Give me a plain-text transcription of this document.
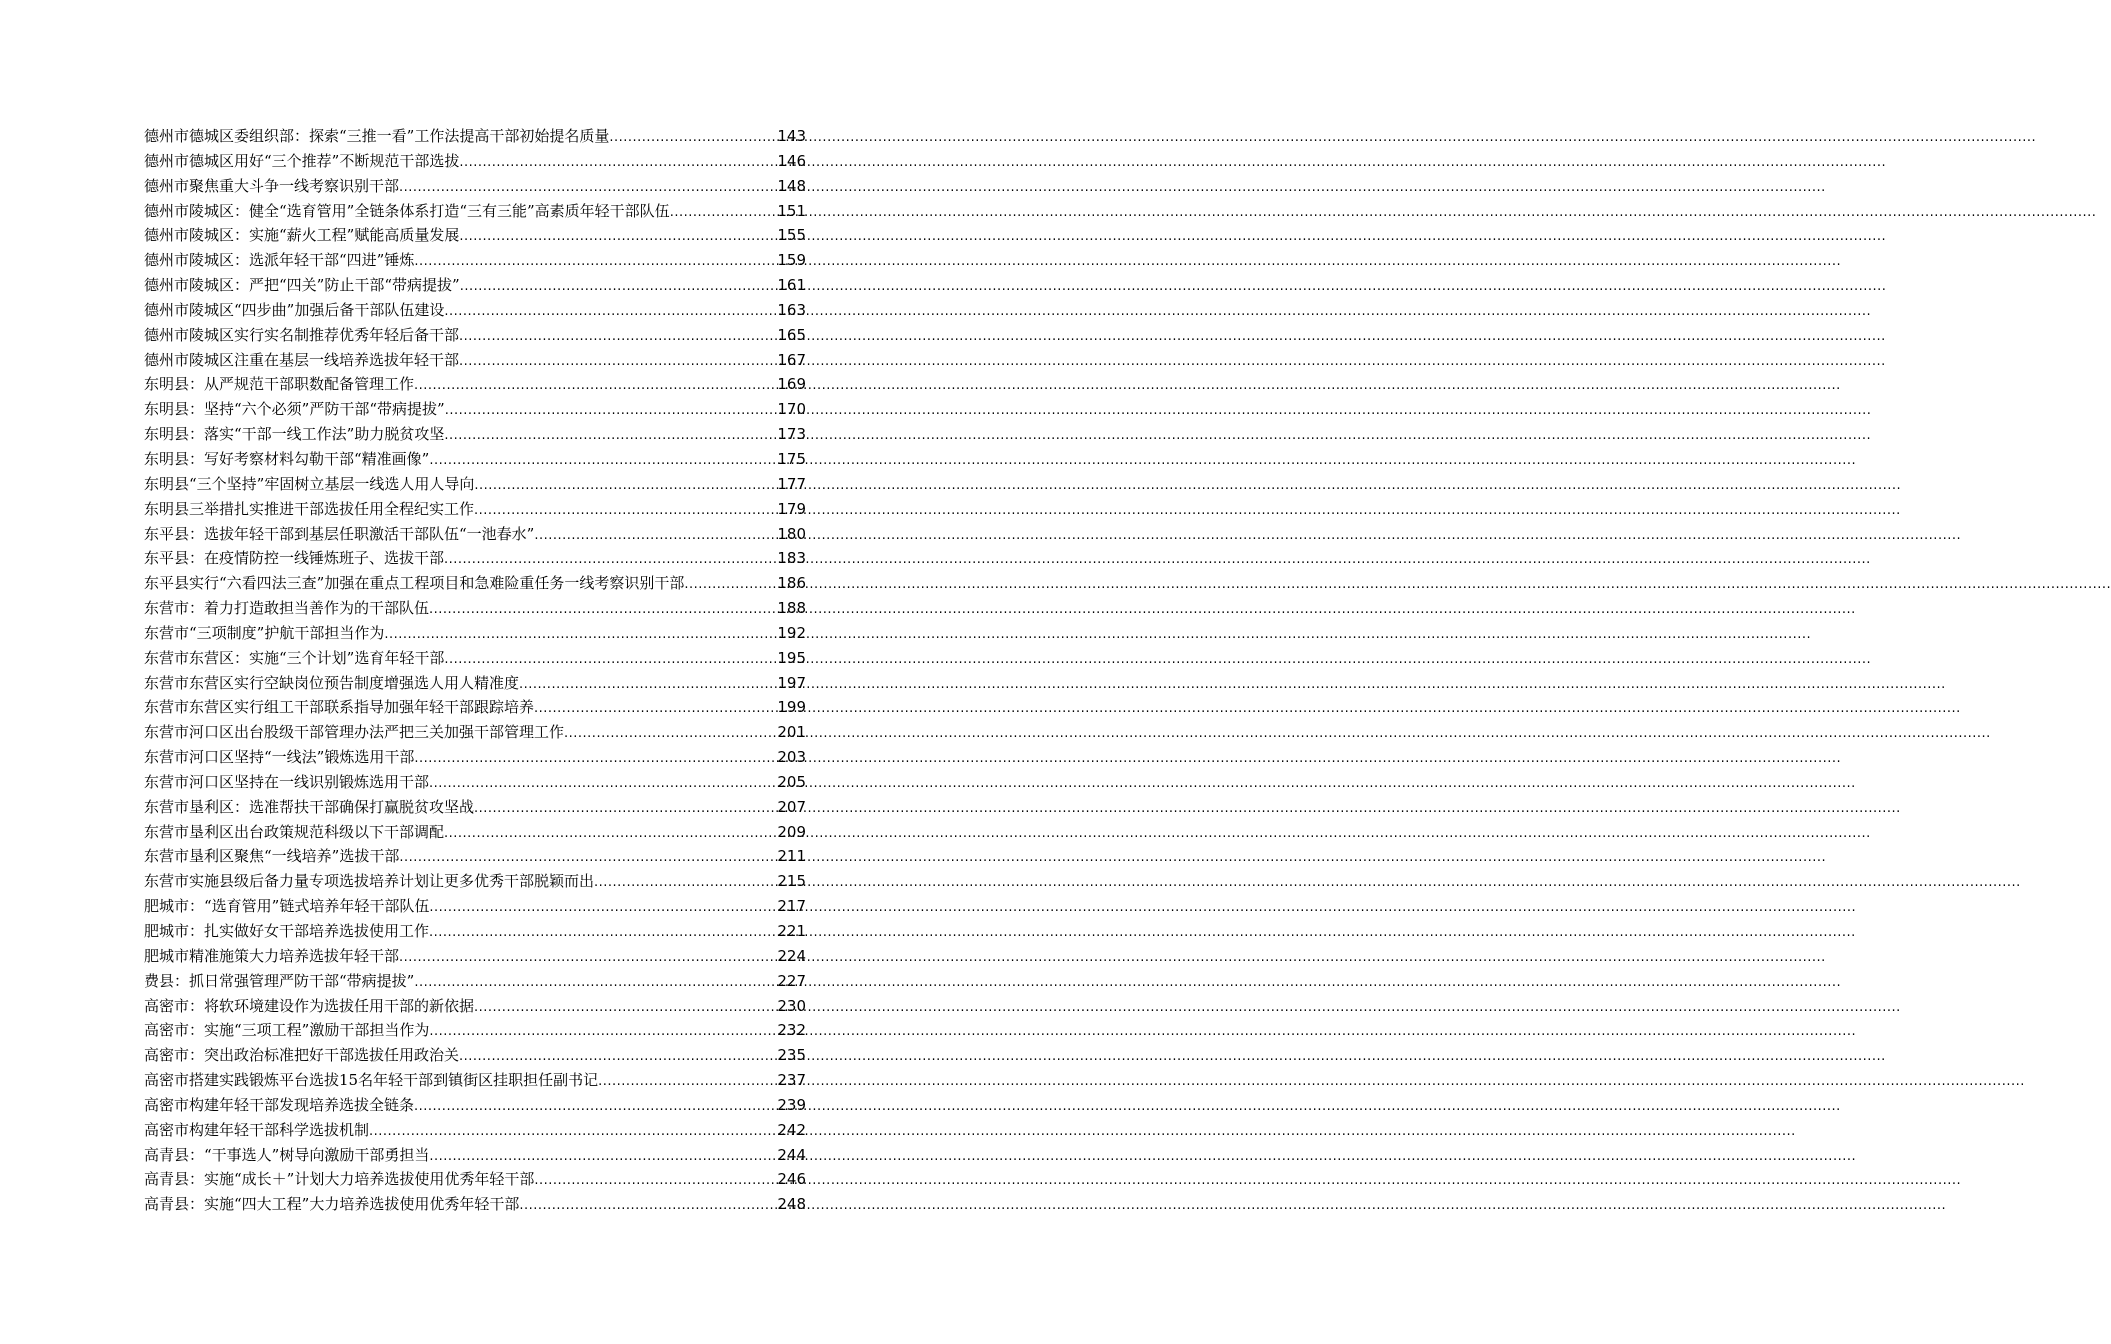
德州市德城区委组织部：探索“三推一看”工作法提高干部初始提名质量 .....	143
德州市德城区用好“三个推荐”不断规范干部选拔 .....	146
德州市聚焦重大斗争一线考察识别干部 .....	148
德州市陵城区：健全“选育管用”全链条体系打造“三有三能”高素质年轻干部队伍 .....	151
德州市陵城区：实施“薪火工程”赋能高质量发展 .....	155
德州市陵城区：选派年轻干部“四进”锤炼 .....	159
德州市陵城区：严把“四关”防止干部“带病提拔” .....	161
德州市陵城区“四步曲”加强后备干部队伍建设 .....	163
德州市陵城区实行实名制推荐优秀年轻后备干部 .....	165
德州市陵城区注重在基层一线培养选拔年轻干部 .....	167
东明县：从严规范干部职数配备管理工作 .....	169
东明县：坚持“六个必须”严防干部“带病提拔” .....	170
东明县：落实“干部一线工作法”助力脱贫攻坚 .....	173
东明县：写好考察材料勾勒干部“精准画像” .....	175
东明县“三个坚持”牢固树立基层一线选人用人导向 .....	177
东明县三举措扎实推进干部选拔任用全程纪实工作 .....	179
东平县：选拔年轻干部到基层任职激活干部队伍“一池春水” .....	180
东平县：在疫情防控一线锤炼班子、选拔干部 .....	183
东平县实行“六看四法三查”加强在重点工程项目和急难险重任务一线考察识别干部 .....	186
东营市：着力打造敢担当善作为的干部队伍 .....	188
东营市“三项制度”护航干部担当作为 .....	192
东营市东营区：实施“三个计划”选育年轻干部 .....	195
东营市东营区实行空缺岗位预告制度增强选人用人精准度 .....	197
东营市东营区实行组工干部联系指导加强年轻干部跟踪培养 .....	199
东营市河口区出台股级干部管理办法严把三关加强干部管理工作 .....	201
东营市河口区坚持“一线法”锻炼选用干部 .....	203
东营市河口区坚持在一线识别锻炼选用干部 .....	205
东营市垦利区：选准帮扶干部确保打赢脱贫攻坚战 .....	207
东营市垦利区出台政策规范科级以下干部调配 .....	209
东营市垦利区聚焦“一线培养”选拔干部 .....	211
东营市实施县级后备力量专项选拔培养计划让更多优秀干部脱颖而出 .....	215
肥城市：“选育管用”链式培养年轻干部队伍 .....	217
肥城市：扎实做好女干部培养选拔使用工作 .....	221
肥城市精准施策大力培养选拔年轻干部 .....	224
费县：抓日常强管理严防干部“带病提拔” .....	227
高密市：将软环境建设作为选拔任用干部的新依据 .....	230
高密市：实施“三项工程”激励干部担当作为 .....	232
高密市：突出政治标准把好干部选拔任用政治关 .....	235
高密市搭建实践锻炼平台选拔15名年轻干部到镇街区挂职担任副书记 .....	237
高密市构建年轻干部发现培养选拔全链条 .....	239
高密市构建年轻干部科学选拔机制 .....	242
高青县：“干事选人”树导向激励干部勇担当 .....	244
高青县：实施“成长＋”计划大力培养选拔使用优秀年轻干部 .....	246
高青县：实施“四大工程”大力培养选拔使用优秀年轻干部 .....	248
